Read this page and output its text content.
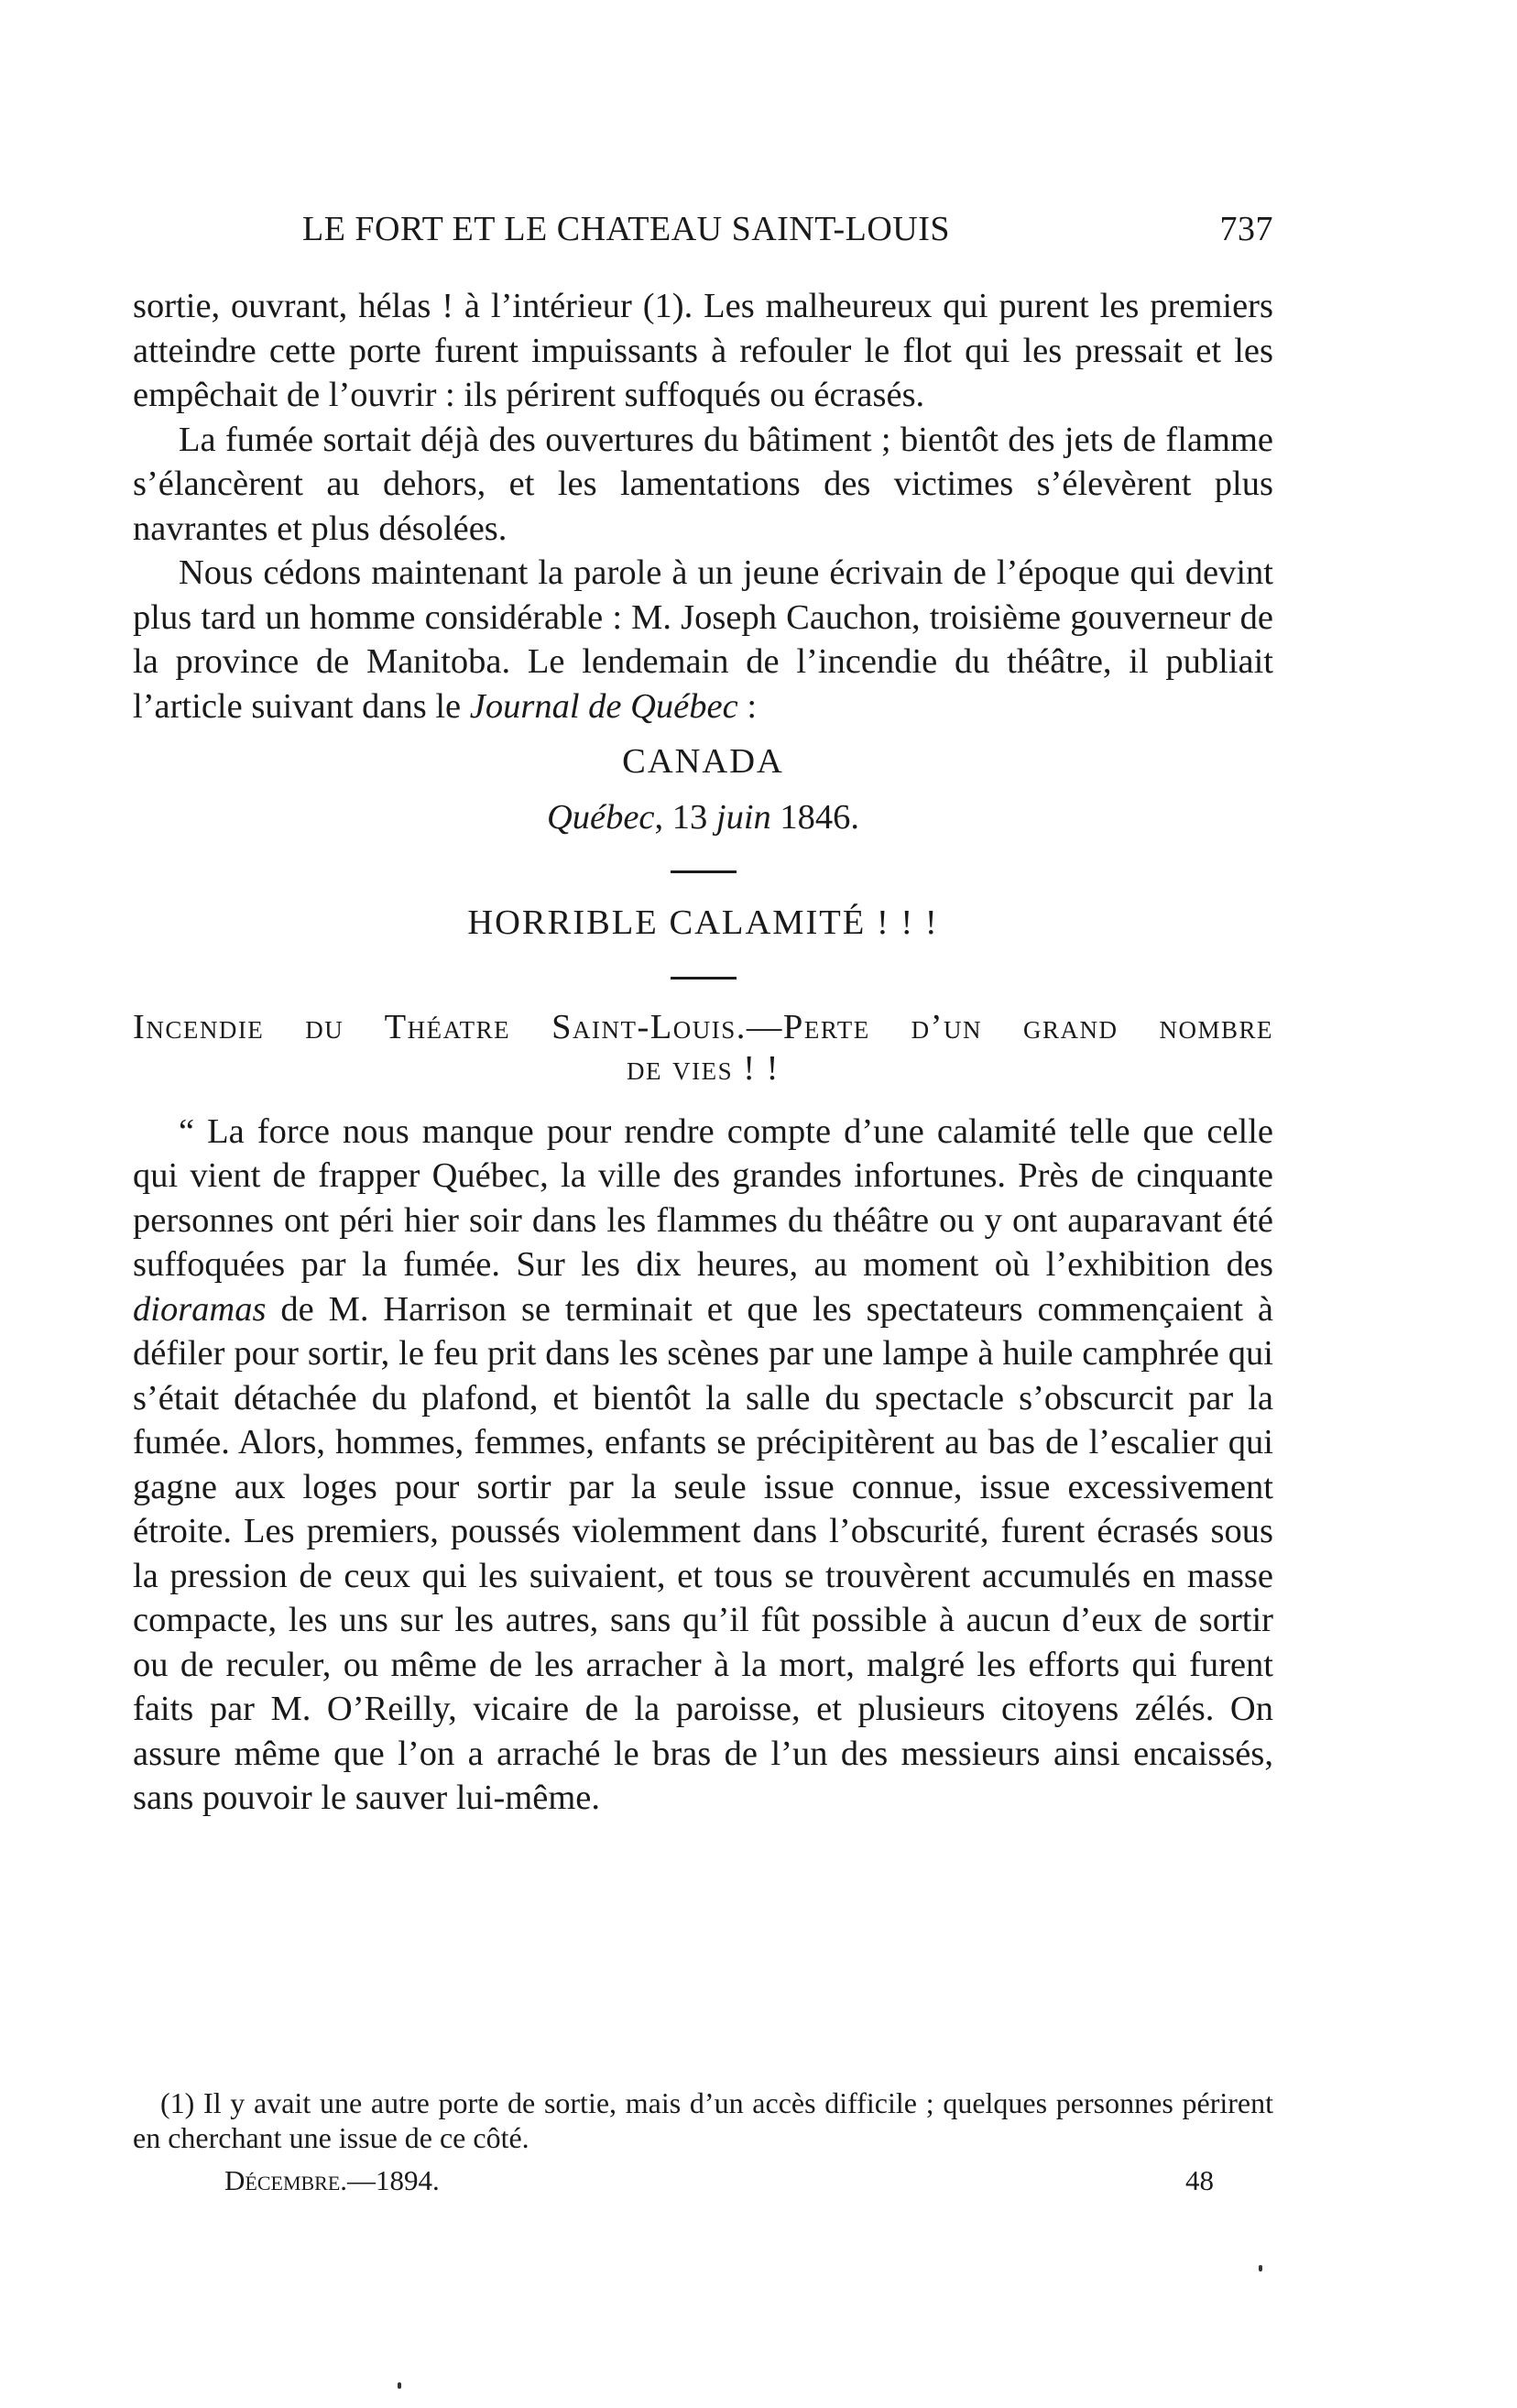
LE FORT ET LE CHATEAU SAINT-LOUIS	737

sortie, ouvrant, hélas ! à l’intérieur (1). Les malheureux qui purent les premiers atteindre cette porte furent impuissants à refouler le flot qui les pressait et les empêchait de l’ouvrir : ils périrent suffoqués ou écrasés.

La fumée sortait déjà des ouvertures du bâtiment ; bientôt des jets de flamme s’élancèrent au dehors, et les lamentations des victimes s’élevèrent plus navrantes et plus désolées.

Nous cédons maintenant la parole à un jeune écrivain de l’époque qui devint plus tard un homme considérable : M. Joseph Cauchon, troisième gouverneur de la province de Manitoba. Le lendemain de l’incendie du théâtre, il publiait l’article suivant dans le Journal de Québec :

CANADA

Québec, 13 juin 1846.

HORRIBLE CALAMITÉ ! ! !

Incendie du Théatre Saint-Louis.—Perte d’un grand nombre

de vies ! !

“ La force nous manque pour rendre compte d’une calamité telle que celle qui vient de frapper Québec, la ville des grandes infortunes. Près de cinquante personnes ont péri hier soir dans les flammes du théâtre ou y ont auparavant été suffoquées par la fumée. Sur les dix heures, au moment où l’exhibition des dioramas de M. Harrison se terminait et que les spectateurs commençaient à défiler pour sortir, le feu prit dans les scènes par une lampe à huile camphrée qui s’était détachée du plafond, et bientôt la salle du spectacle s’obscurcit par la fumée. Alors, hommes, femmes, enfants se précipitèrent au bas de l’escalier qui gagne aux loges pour sortir par la seule issue connue, issue excessivement étroite. Les premiers, poussés violemment dans l’obscurité, furent écrasés sous la pression de ceux qui les suivaient, et tous se trouvèrent accumulés en masse compacte, les uns sur les autres, sans qu’il fût possible à aucun d’eux de sortir ou de reculer, ou même de les arracher à la mort, malgré les efforts qui furent faits par M. O’Reilly, vicaire de la paroisse, et plusieurs citoyens zélés. On assure même que l’on a arraché le bras de l’un des messieurs ainsi encaissés, sans pouvoir le sauver lui-même.

(1) Il y avait une autre porte de sortie, mais d’un accès difficile ; quelques personnes périrent en cherchant une issue de ce côté.

Décembre.—1894.	48
